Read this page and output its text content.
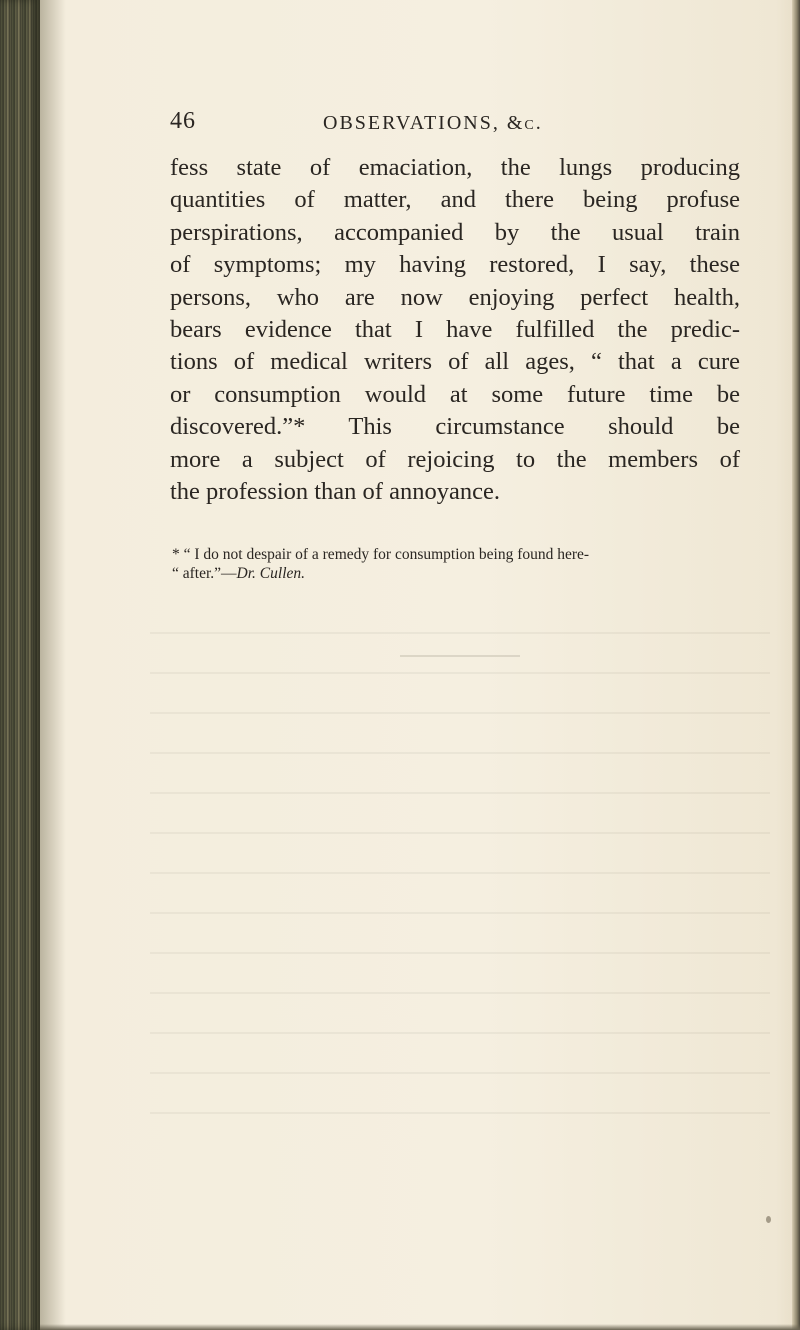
46	OBSERVATIONS, &c.

fess state of emaciation, the lungs producing
quantities of matter, and there being profuse
perspirations, accompanied by the usual train
of symptoms; my having restored, I say, these
persons, who are now enjoying perfect health,
bears evidence that I have fulfilled the predic-
tions of medical writers of all ages, “ that a cure
or consumption would at some future time be
discovered.”* This circumstance should be
more a subject of rejoicing to the members of
the profession than of annoyance.

* “ I do not despair of a remedy for consumption being found here-
“ after.”—Dr. Cullen.
